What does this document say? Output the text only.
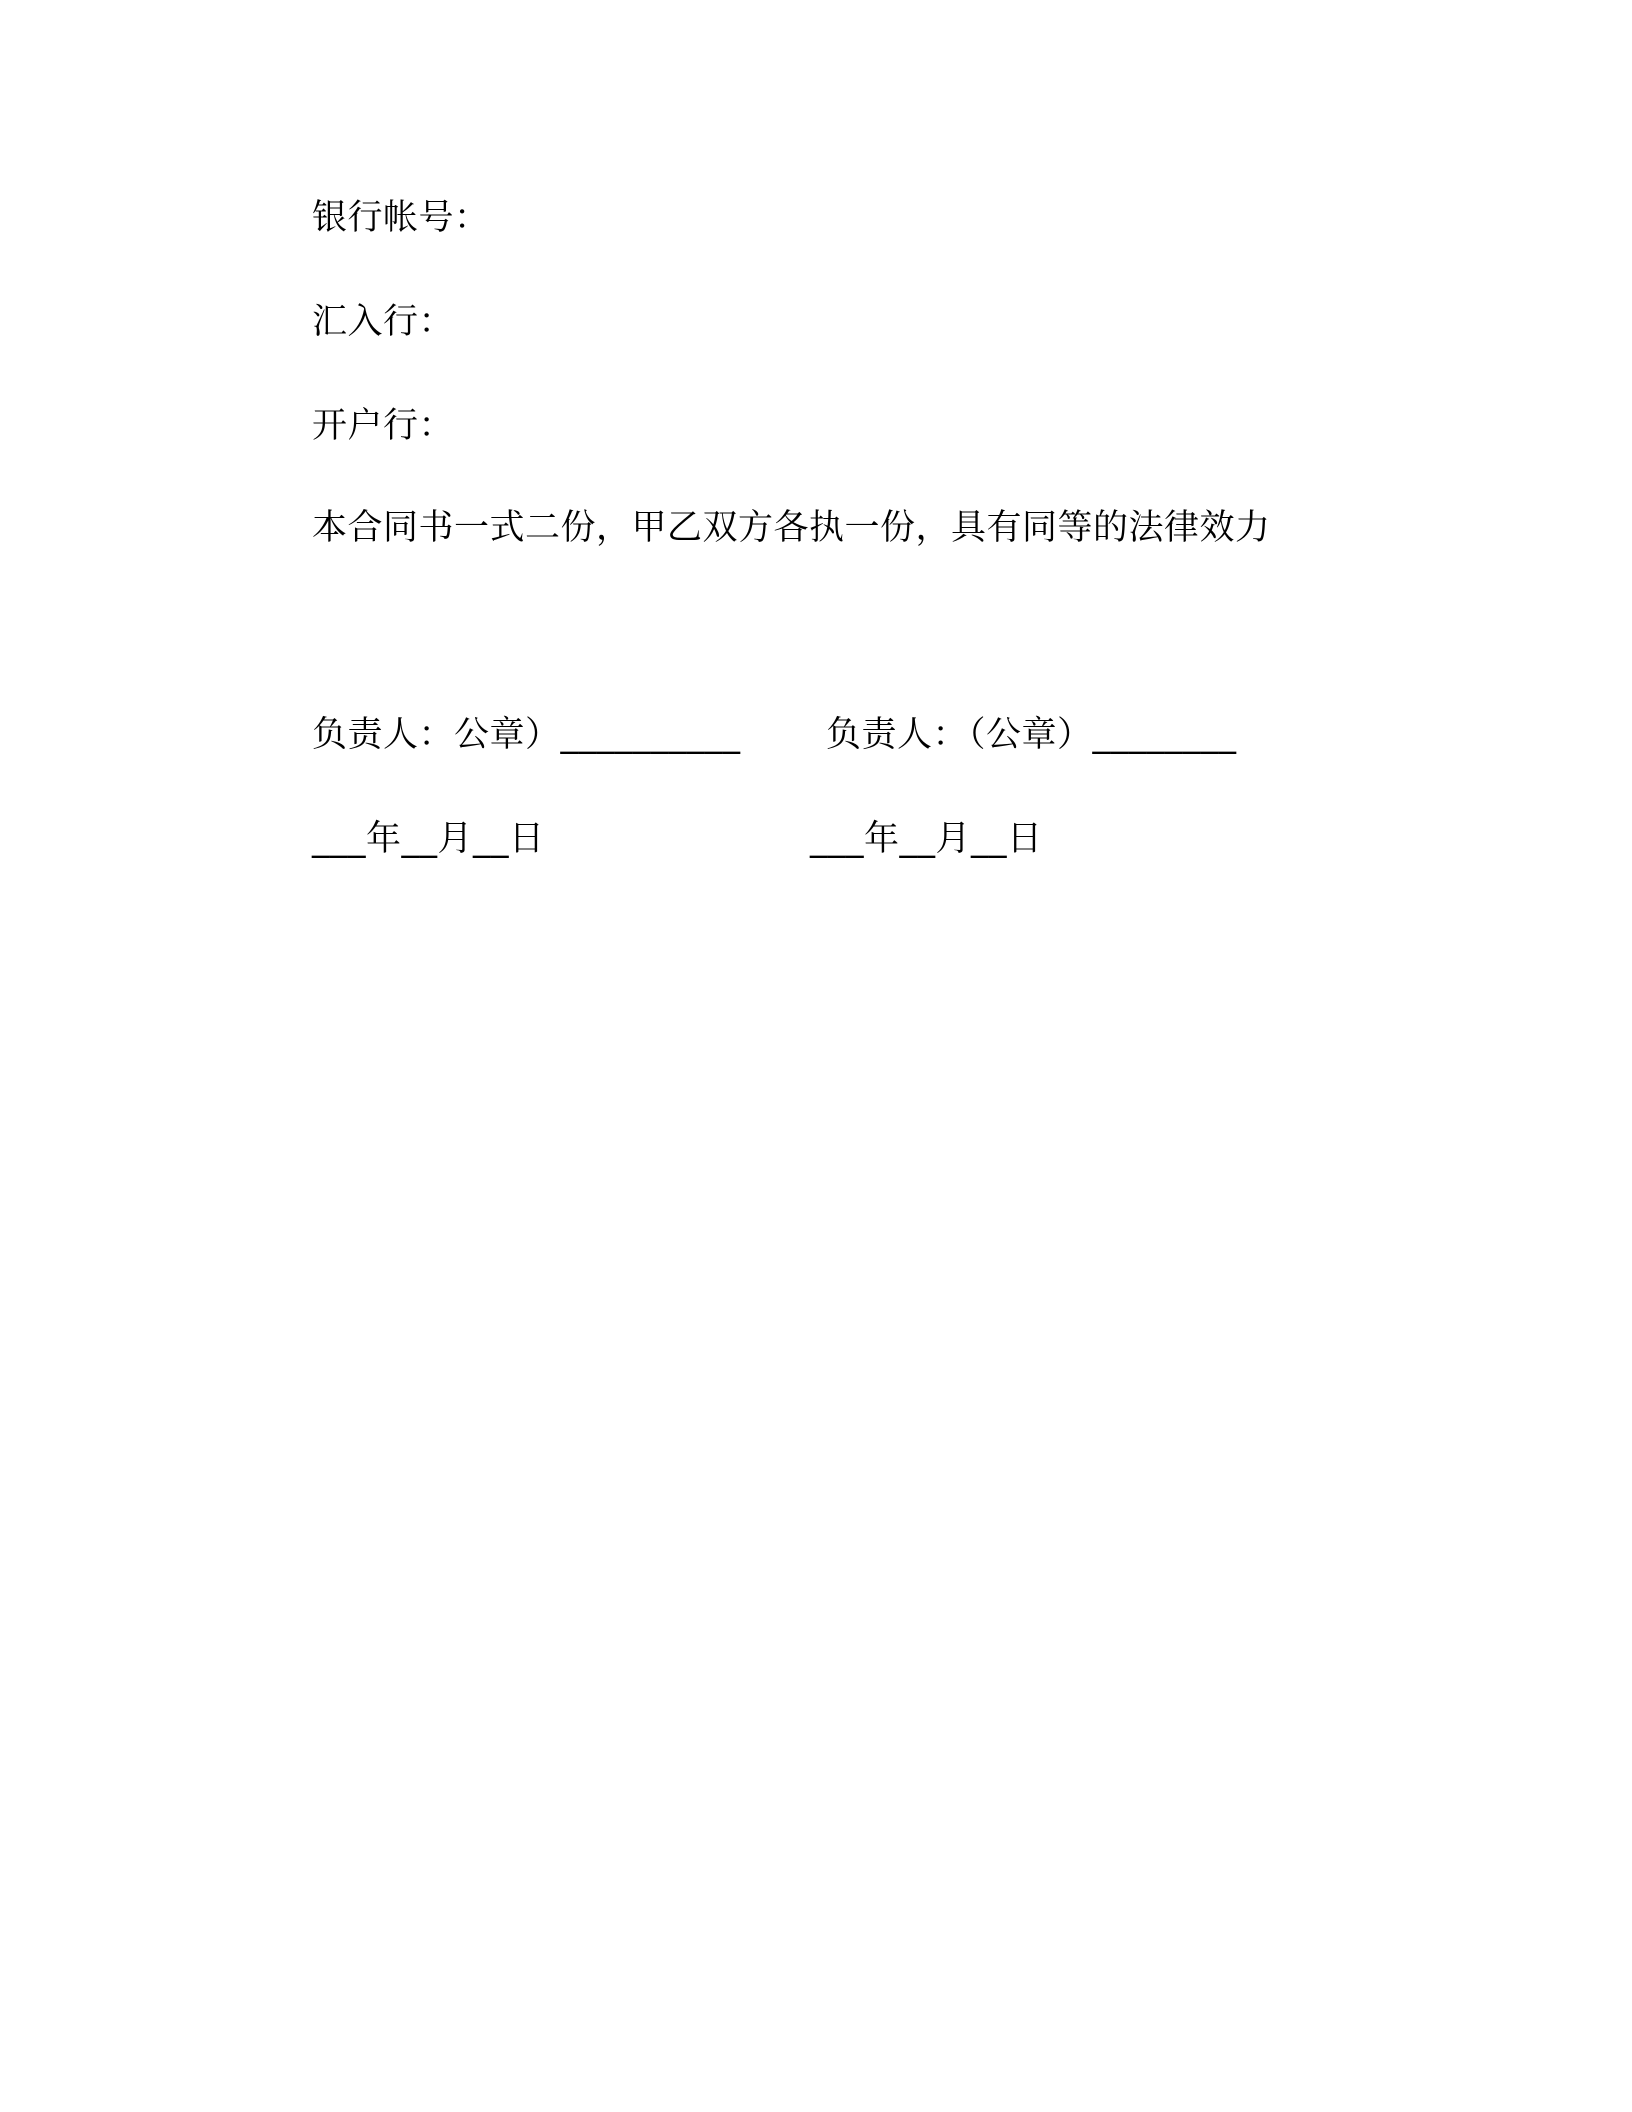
银行帐号：
汇入行：
开户行：
本合同书一式二份，甲乙双方各执一份，具有同等的法律效力
负责人：公章）__________ 负责人：（公章）________
___年__月__日	___年__月__日
